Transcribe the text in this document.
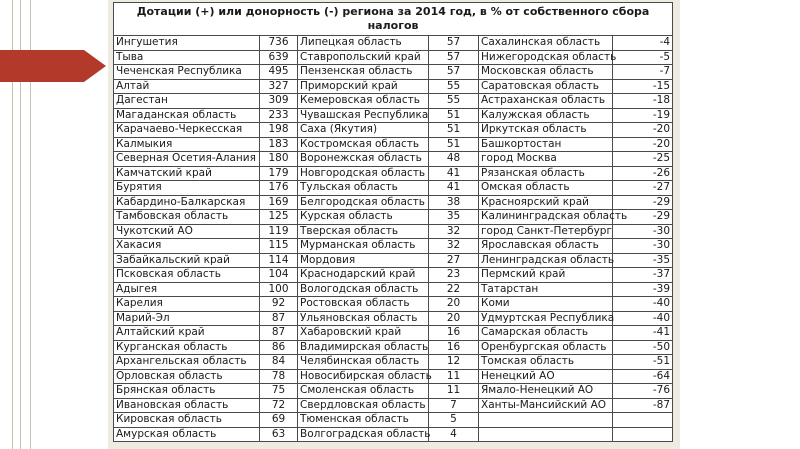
Дотации (+) или донорность (-) региона за 2014 год, в % от собственного сбора налогов					
Ингушетия	736	Липецкая область	57	Сахалинская область	-4
Тыва	639	Ставропольский край	57	Нижегородская область	-5
Чеченская Республика	495	Пензенская область	57	Московская область	-7
Алтай	327	Приморский край	55	Саратовская область	-15
Дагестан	309	Кемеровская область	55	Астраханская область	-18
Магаданская область	233	Чувашская Республика	51	Калужская область	-19
Карачаево-Черкесская	198	Саха (Якутия)	51	Иркутская область	-20
Калмыкия	183	Костромская область	51	Башкортостан	-20
Северная Осетия-Алания	180	Воронежская область	48	город Москва	-25
Камчатский край	179	Новгородская область	41	Рязанская область	-26
Бурятия	176	Тульская область	41	Омская область	-27
Кабардино-Балкарская	169	Белгородская область	38	Красноярский край	-29
Тамбовская область	125	Курская область	35	Калининградская область	-29
Чукотский АО	119	Тверская область	32	город Санкт-Петербург	-30
Хакасия	115	Мурманская область	32	Ярославская область	-30
Забайкальский край	114	Мордовия	27	Ленинградская область	-35
Псковская область	104	Краснодарский край	23	Пермский край	-37
Адыгея	100	Вологодская область	22	Татарстан	-39
Карелия	92	Ростовская область	20	Коми	-40
Марий-Эл	87	Ульяновская область	20	Удмуртская Республика	-40
Алтайский край	87	Хабаровский край	16	Самарская область	-41
Курганская область	86	Владимирская область	16	Оренбургская область	-50
Архангельская область	84	Челябинская область	12	Томская область	-51
Орловская область	78	Новосибирская область	11	Ненецкий АО	-64
Брянская область	75	Смоленская область	11	Ямало-Ненецкий АО	-76
Ивановская область	72	Свердловская область	7	Ханты-Мансийский АО	-87
Кировская область	69	Тюменская область	5		
Амурская область	63	Волгоградская область	4		
